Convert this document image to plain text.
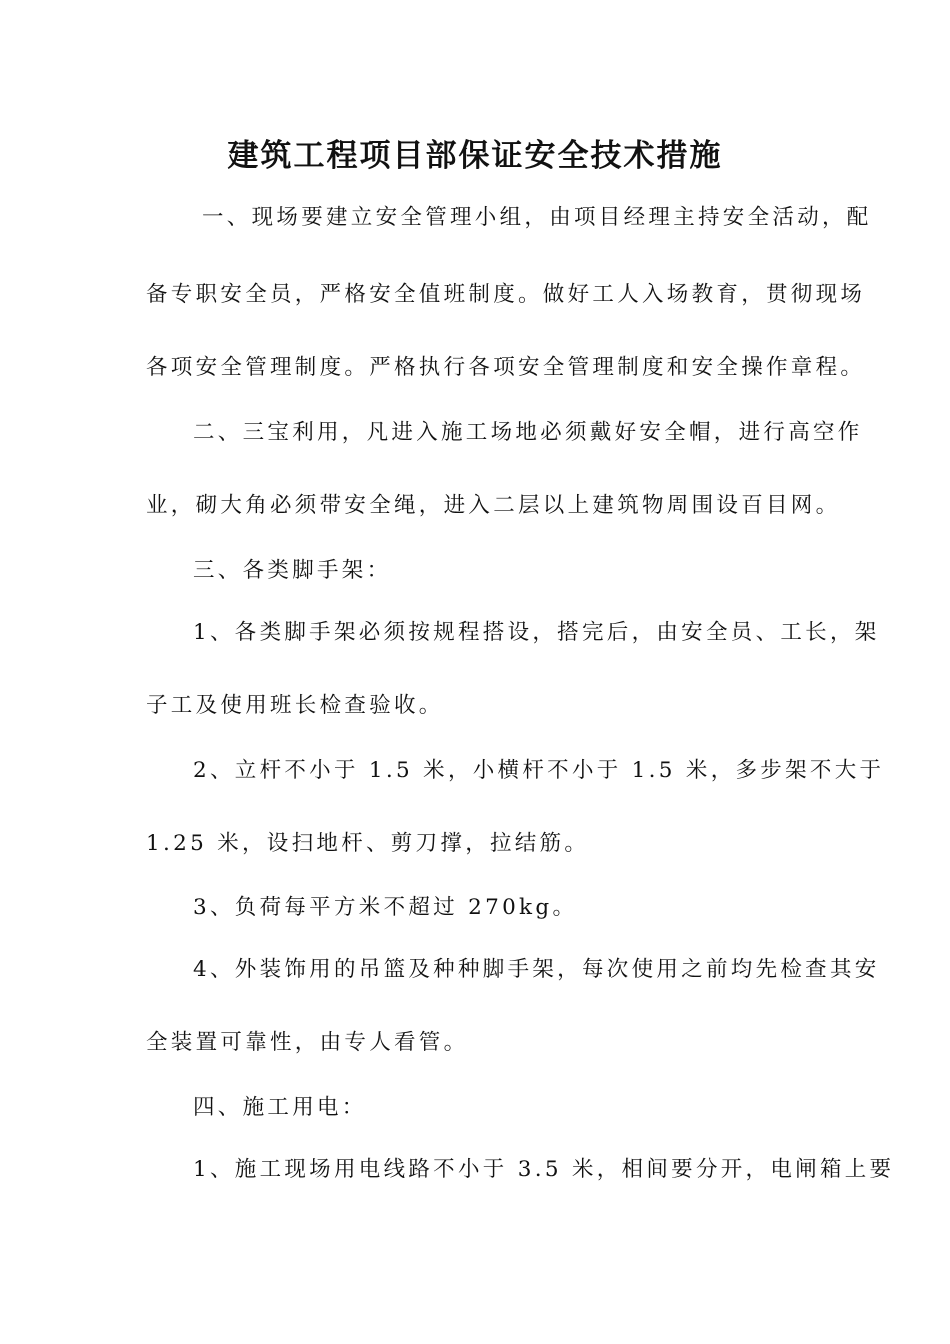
建筑工程项目部保证安全技术措施
一、现场要建立安全管理小组，由项目经理主持安全活动，配
备专职安全员，严格安全值班制度。做好工人入场教育，贯彻现场
各项安全管理制度。严格执行各项安全管理制度和安全操作章程。
二、三宝利用，凡进入施工场地必须戴好安全帽，进行高空作
业，砌大角必须带安全绳，进入二层以上建筑物周围设百目网。
三、各类脚手架：
1、各类脚手架必须按规程搭设，搭完后，由安全员、工长，架
子工及使用班长检查验收。
2、立杆不小于 1.5 米，小横杆不小于 1.5 米，多步架不大于
1.25 米，设扫地杆、剪刀撑，拉结筋。
3、负荷每平方米不超过 270kg。
4、外装饰用的吊篮及种种脚手架，每次使用之前均先检查其安
全装置可靠性，由专人看管。
四、施工用电：
1、施工现场用电线路不小于 3.5 米，相间要分开，电闸箱上要
